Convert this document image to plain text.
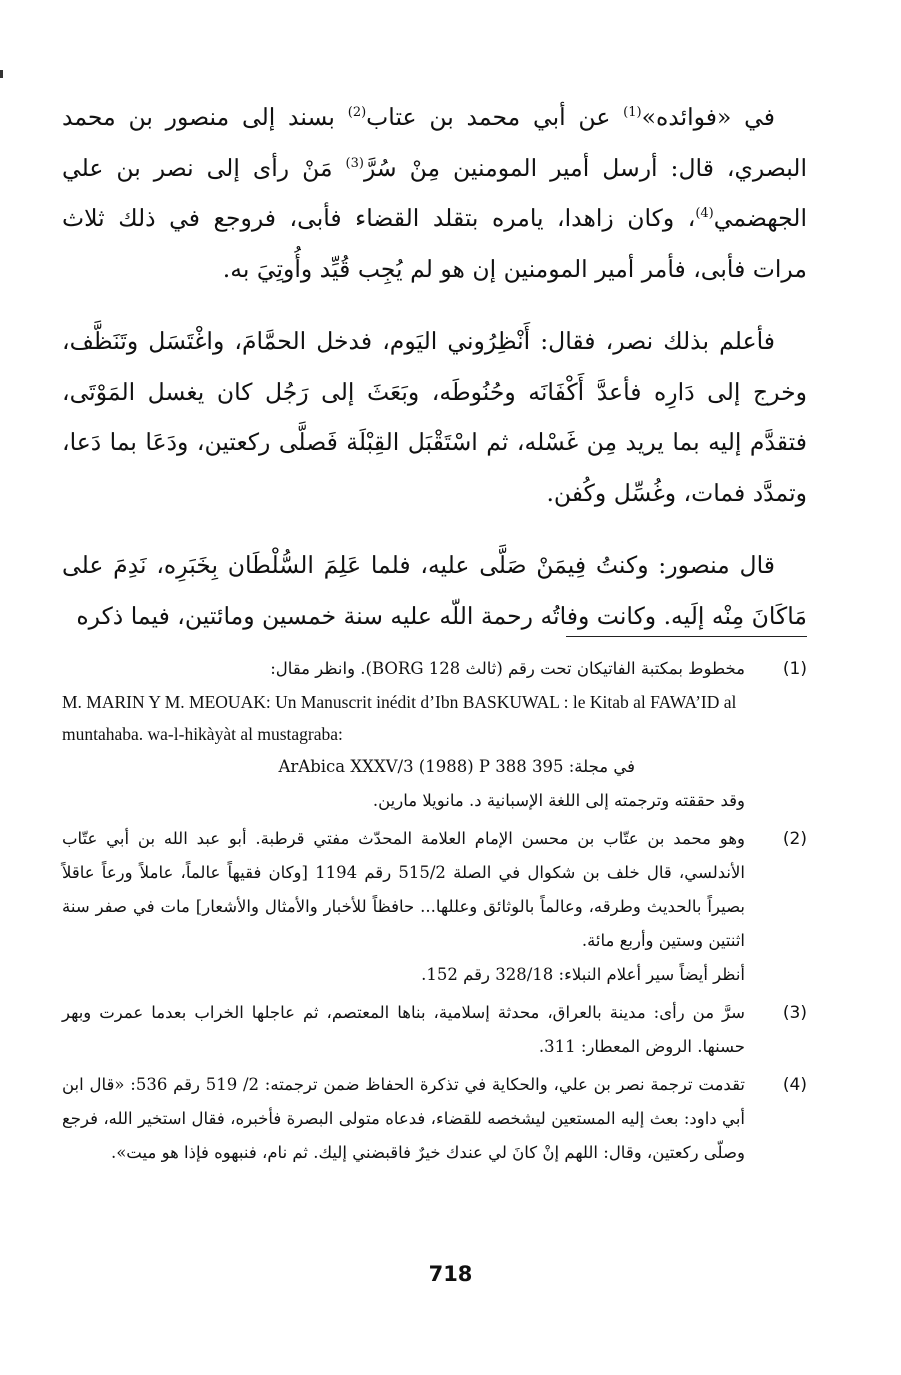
في «فوائده»$^{(1)}$ عن أبي محمد بن عتاب$^{(2)}$ بسند إلى منصور بن محمد البصري، قال: أرسل أمير المومنين مِنْ سُرَّ$^{(3)}$ مَنْ رأى إلى نصر بن علي الجهضمي$^{(4)}$، وكان زاهدا، يامره بتقلد القضاء فأبى، فروجع في ذلك ثلاث مرات فأبى، فأمر أمير المومنين إن هو لم يُجِب قُيِّد وأُوتِيَ به.

فأعلم بذلك نصر، فقال: أَنْظِرُوني اليَوم، فدخل الحمَّامَ، واغْتَسَل وتَنَظَّف، وخرج إلى دَارِه فأعدَّ أَكْفَانَه وحُنُوطَه، وبَعَثَ إلى رَجُل كان يغسل المَوْتَى، فتقدَّم إليه بما يريد مِن غَسْله، ثم اسْتَقْبَل القِبْلَة فَصلَّى ركعتين، ودَعَا بما دَعا، وتمدَّد فمات، وغُسِّل وكُفن.

قال منصور: وكنتُ فِيمَنْ صَلَّى عليه، فلما عَلِمَ السُّلْطَان بِخَبَرِه، نَدِمَ على مَاكَانَ مِنْه إلَيه. وكانت وفاتُه رحمة اللّه عليه سنة خمسين ومائتين، فيما ذكره

(1)
مخطوط بمكتبة الفاتيكان تحت رقم (ثالث BORG 128). وانظر مقال:
M. MARIN Y M. MEOUAK: Un Manuscrit inédit d’Ibn BASKUWAL : le Kitab al FAWA’ID al muntahaba. wa-l-hikàyàt al mustagraba:
في مجلة: ArAbica XXXV/3 (1988) P 388 395
وقد حققته وترجمته إلى اللغة الإسبانية د. مانويلا مارين.
(2)
وهو محمد بن عتّاب بن محسن الإمام العلامة المحدّث مفتي قرطبة. أبو عبد الله بن أبي عتّاب الأندلسي، قال خلف بن شكوال في الصلة 515/2 رقم 1194 [وكان فقيهاً عالماً، عاملاً ورعاً عاقلاً بصيراً بالحديث وطرقه، وعالماً بالوثائق وعللها... حافظاً للأخبار والأمثال والأشعار] مات في صفر سنة اثنتين وستين وأربع مائة.
أنظر أيضاً سير أعلام النبلاء: 328/18 رقم 152.
(3)
سرَّ من رأى: مدينة بالعراق، محدثة إسلامية، بناها المعتصم، ثم عاجلها الخراب بعدما عمرت وبهر حسنها. الروض المعطار: 311.
(4)
تقدمت ترجمة نصر بن علي، والحكاية في تذكرة الحفاظ ضمن ترجمته: 2/ 519 رقم 536: «قال ابن أبي داود: بعث إليه المستعين ليشخصه للقضاء، فدعاه متولى البصرة فأخبره، فقال استخير الله، فرجع وصلّى ركعتين، وقال: اللهم إنْ كانَ لي عندك خيرٌ فاقبضني إليك. ثم نام، فنبهوه فإذا هو ميت».
718
